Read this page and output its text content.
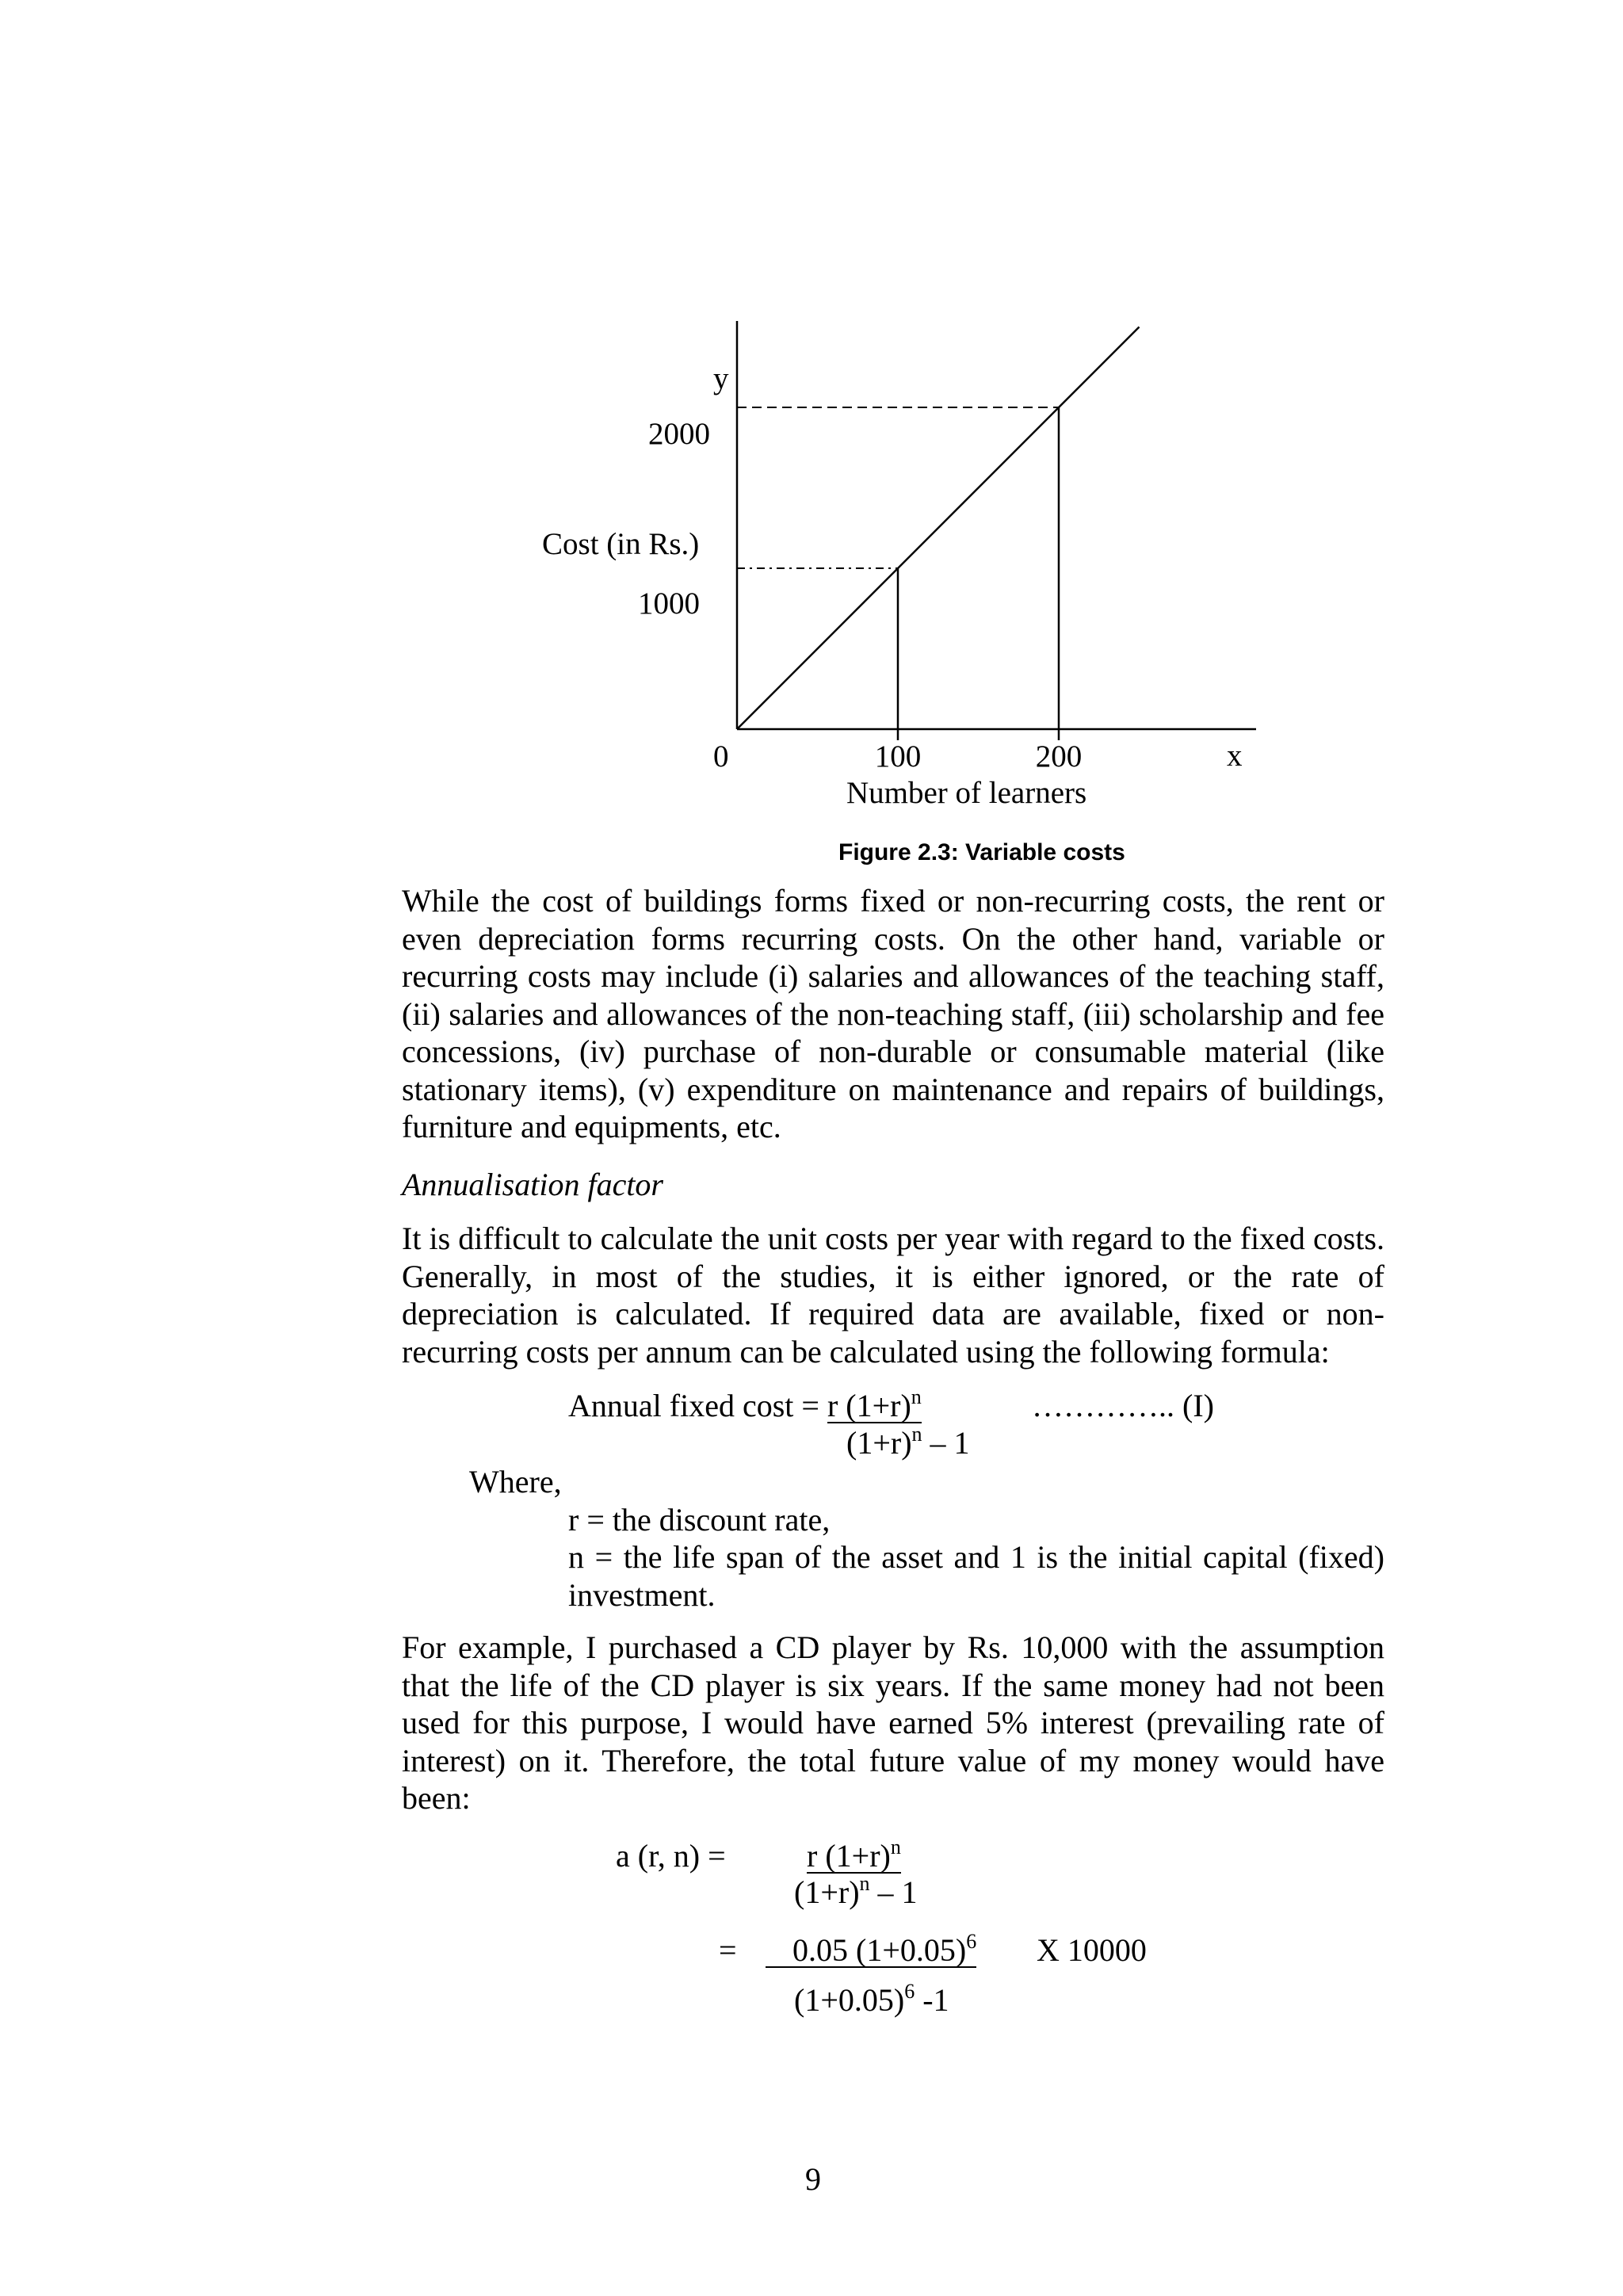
1000
2000
100	200
0
y
Cost (in Rs.)
x
Number of learners
Figure 2.3: Variable costs

While the cost of buildings forms fixed or non-recurring costs, the rent or even depreciation forms recurring costs. On the other hand, variable or recurring costs may include (i) salaries and allowances of the teaching staff, (ii) salaries and allowances of the non-teaching staff, (iii) scholarship and fee concessions, (iv) purchase of non-durable or consumable material (like stationary items), (v) expenditure on maintenance and repairs of buildings, furniture and equipments, etc.

Annualisation factor

It is difficult to calculate the unit costs per year with regard to the fixed costs. Generally, in most of the studies, it is either ignored, or the rate of depreciation is calculated. If required data are available, fixed or non-recurring costs per annum can be calculated using the following formula:

Annual fixed cost = r $(1+r)^n$	………….. (I)
$(1+r)^n - 1$
Where,
r = the discount rate,
n = the life span of the asset and 1 is the initial capital (fixed)
investment.

For example, I purchased a CD player by Rs. 10,000 with the assumption that the life of the CD player is six years. If the same money had not been used for this purpose, I would have earned 5% interest (prevailing rate of interest) on it. Therefore, the total future value of my money would have been:

a (r, n) =	r $(1+r)^n$
$(1+r)^n - 1$
=	0.05 $(1+0.05)^6$ X 10000
$(1+0.05)^6$ -1
9
